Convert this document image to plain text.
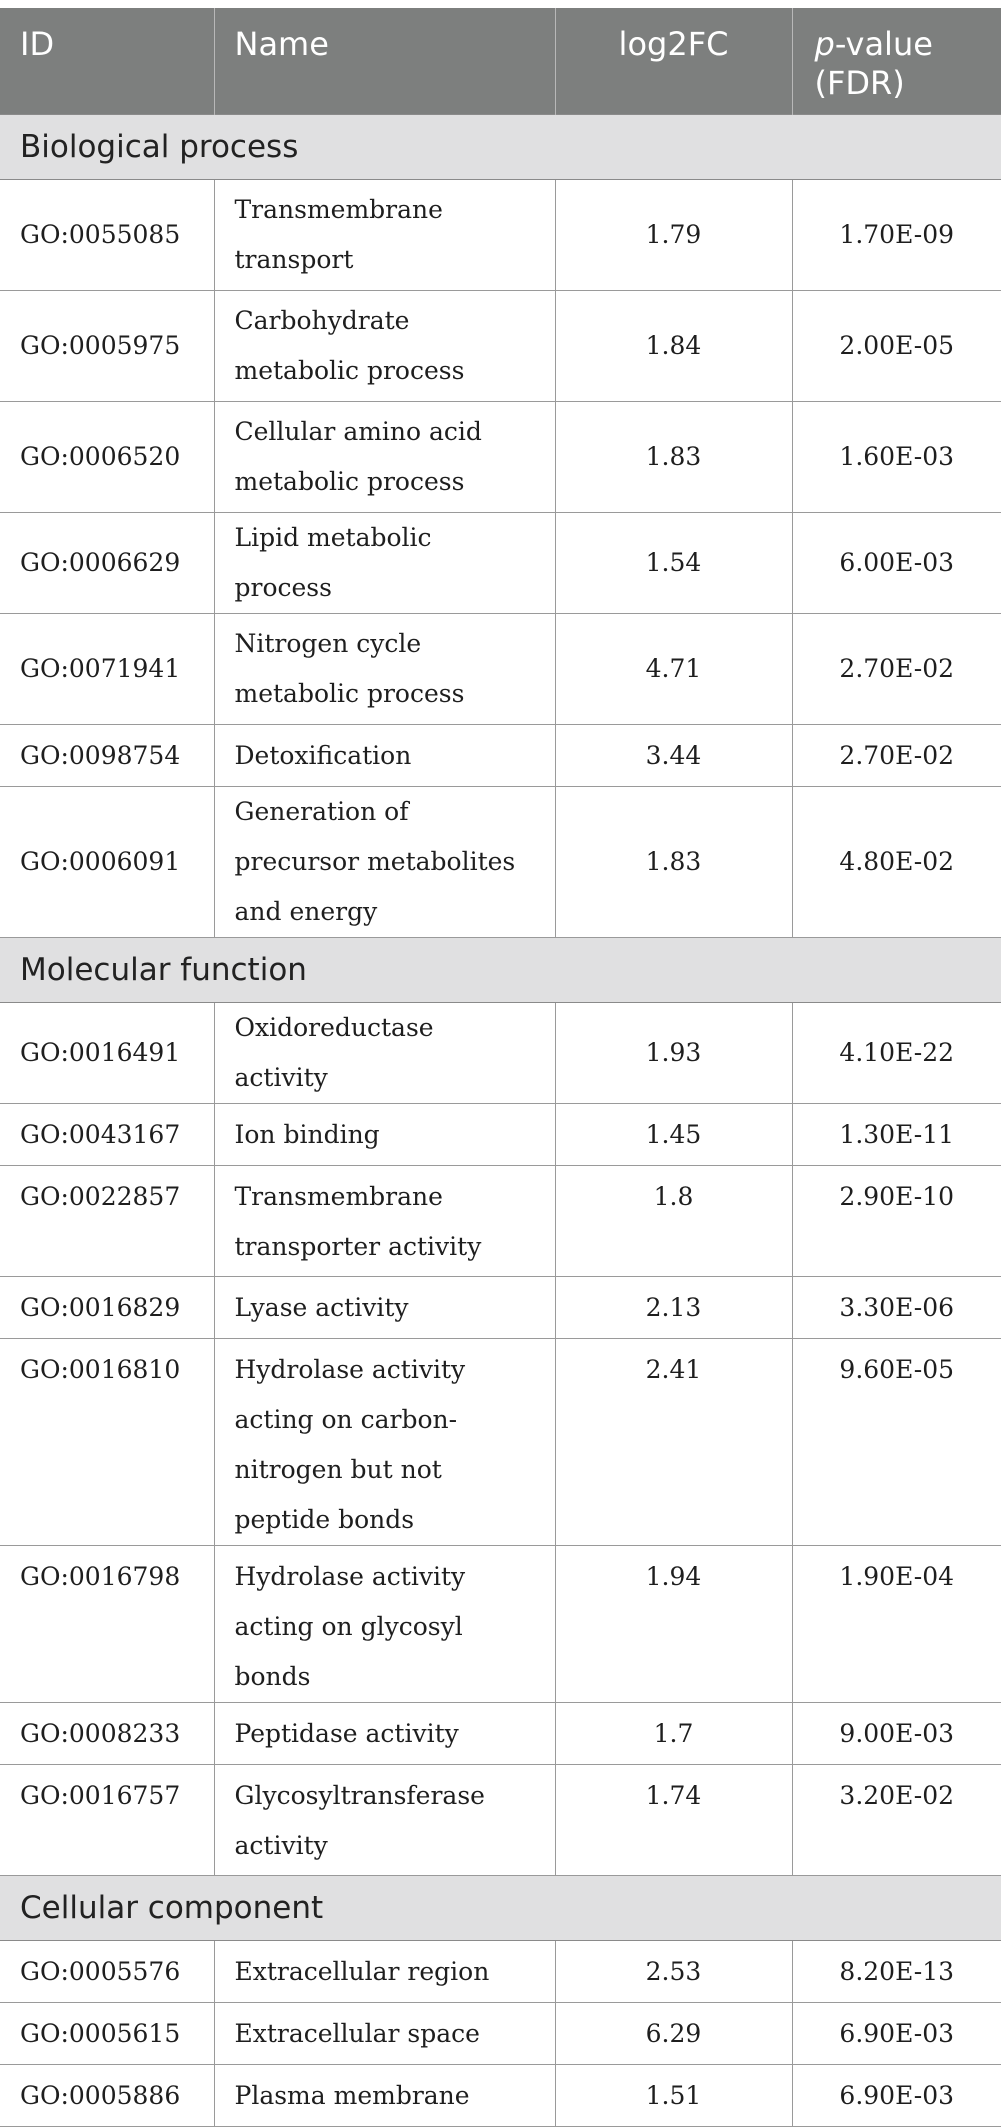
ID	Name	log2FC	p-value
(FDR)
Biological process			
GO:0055085	Transmembrane transport	1.79	1.70E-09
GO:0005975	Carbohydrate metabolic process	1.84	2.00E-05
GO:0006520	Cellular amino acid metabolic process	1.83	1.60E-03
GO:0006629	Lipid metabolic process	1.54	6.00E-03
GO:0071941	Nitrogen cycle metabolic process	4.71	2.70E-02
GO:0098754	Detoxification	3.44	2.70E-02
GO:0006091	Generation of precursor metabolites and energy	1.83	4.80E-02
Molecular function			
GO:0016491	Oxidoreductase activity	1.93	4.10E-22
GO:0043167	Ion binding	1.45	1.30E-11
GO:0022857	Transmembrane transporter activity	1.8	2.90E-10
GO:0016829	Lyase activity	2.13	3.30E-06
GO:0016810	Hydrolase activity acting on carbon-nitrogen but not peptide bonds	2.41	9.60E-05
GO:0016798	Hydrolase activity acting on glycosyl bonds	1.94	1.90E-04
GO:0008233	Peptidase activity	1.7	9.00E-03
GO:0016757	Glycosyltransferase activity	1.74	3.20E-02
Cellular component			
GO:0005576	Extracellular region	2.53	8.20E-13
GO:0005615	Extracellular space	6.29	6.90E-03
GO:0005886	Plasma membrane	1.51	6.90E-03
